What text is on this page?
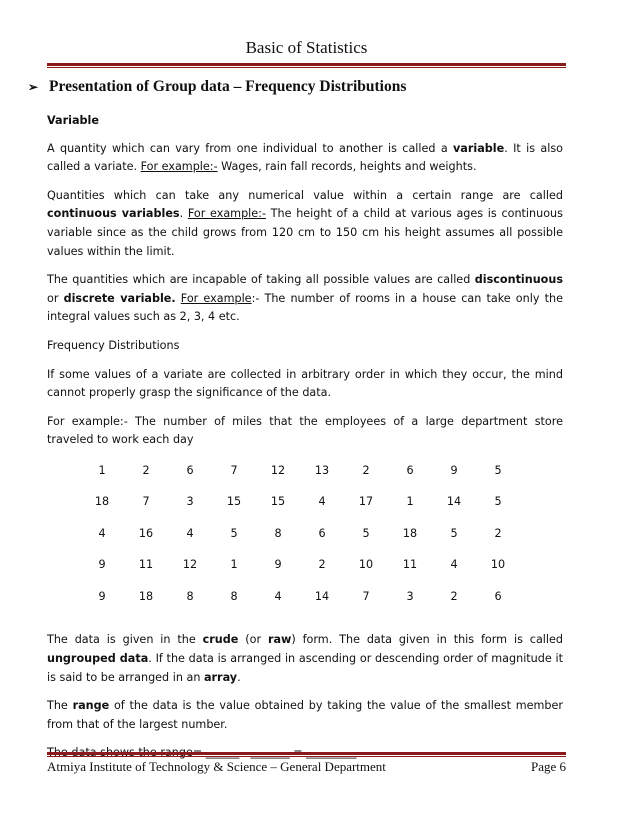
Basic of Statistics
➢ Presentation of Group data – Frequency Distributions

Variable

A quantity which can vary from one individual to another is called a variable. It is also called a variate. For example:- Wages, rain fall records, heights and weights.

Quantities which can take any numerical value within a certain range are called continuous variables. For example:- The height of a child at various ages is continuous variable since as the child grows from 120 cm to 150 cm his height assumes all possible values within the limit.

The quantities which are incapable of taking all possible values are called discontinuous or discrete variable. For example:- The number of rooms in a house can take only the integral values such as 2, 3, 4 etc.

Frequency Distributions

If some values of a variate are collected in arbitrary order in which they occur, the mind cannot properly grasp the significance of the data.

For example:- The number of miles that the employees of a large department store traveled to work each day

1	2	6	7	12	13	2	6	9	5
18	7	3	15	15	4	17	1	14	5
4	16	4	5	8	6	5	18	5	2
9	11	12	1	9	2	10	11	4	10
9	18	8	8	4	14	7	3	2	6

The data is given in the crude (or raw) form. The data given in this form is called ungrouped data. If the data is arranged in ascending or descending order of magnitude it is said to be arranged in an array.

The range of the data is the value obtained by taking the value of the smallest member from that of the largest number.

Atmiya Institute of Technology & Science – General Department	Page 6
